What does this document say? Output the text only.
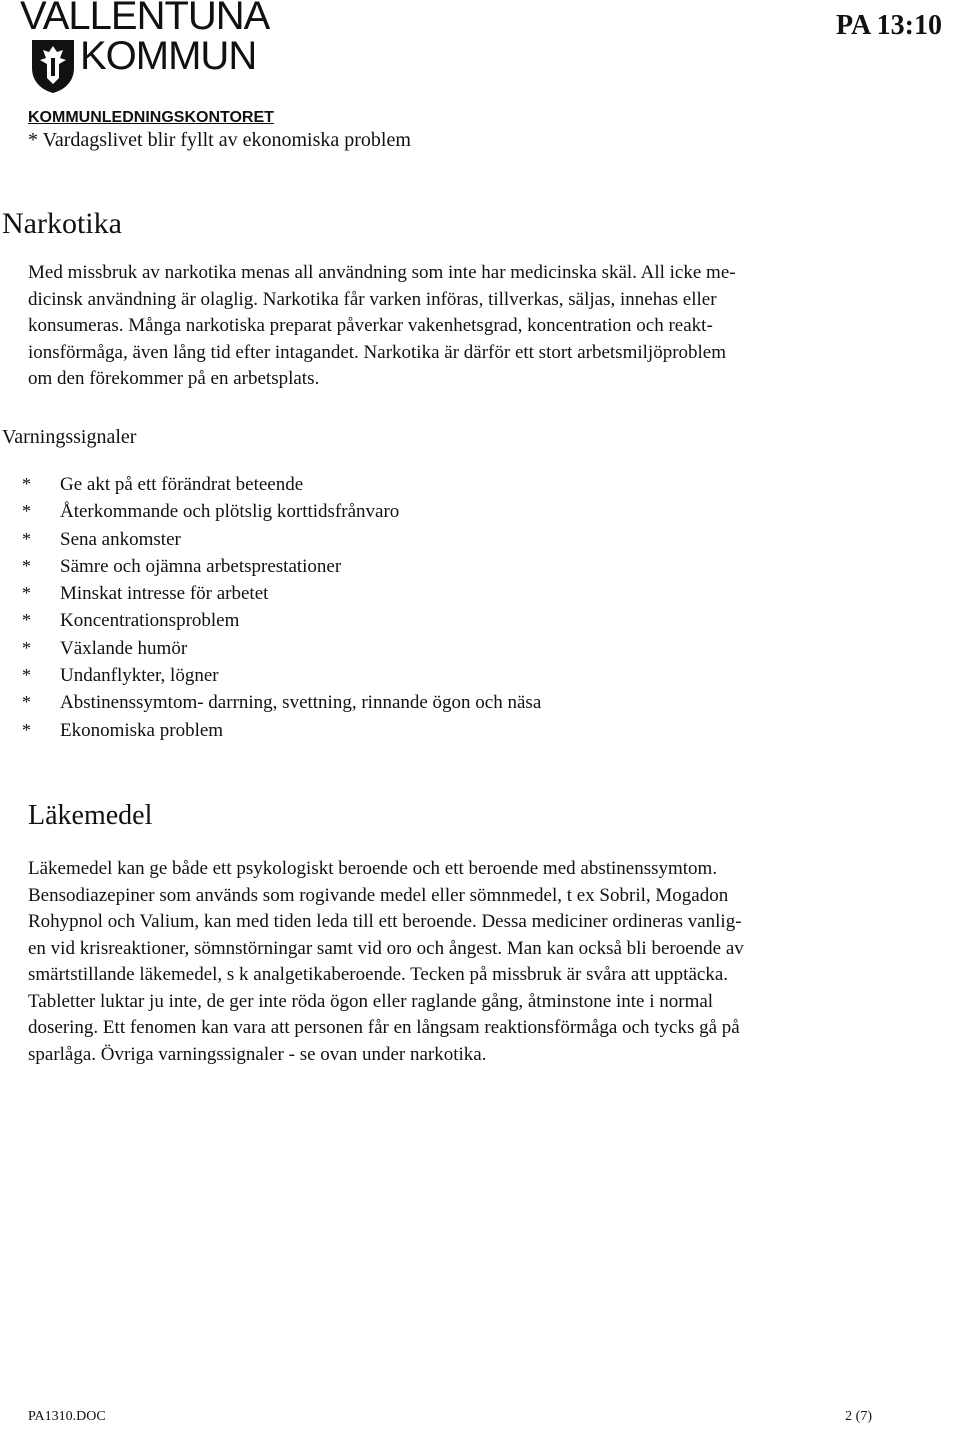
VALLENTUNA
KOMMUN
PA 13:10
KOMMUNLEDNINGSKONTORET
* Vardagslivet blir fyllt av ekonomiska problem
Narkotika

Med missbruk av narkotika menas all användning som inte har medicinska skäl. All icke me-

dicinsk användning är olaglig. Narkotika får varken införas, tillverkas, säljas, innehas eller

konsumeras. Många narkotiska preparat påverkar vakenhetsgrad, koncentration och reakt-

ionsförmåga, även lång tid efter intagandet. Narkotika är därför ett stort arbetsmiljöproblem

om den förekommer på en arbetsplats.

Varningssignaler
* Ge akt på ett förändrat beteende
* Återkommande och plötslig korttidsfrånvaro
* Sena ankomster
* Sämre och ojämna arbetsprestationer
* Minskat intresse för arbetet
* Koncentrationsproblem
* Växlande humör
* Undanflykter, lögner
* Abstinenssymtom- darrning, svettning, rinnande ögon och näsa
* Ekonomiska problem
Läkemedel

Läkemedel kan ge både ett psykologiskt beroende och ett beroende med abstinenssymtom.

Bensodiazepiner som används som rogivande medel eller sömnmedel, t ex Sobril, Mogadon

Rohypnol och Valium, kan med tiden leda till ett beroende. Dessa mediciner ordineras vanlig-

en vid krisreaktioner, sömnstörningar samt vid oro och ångest. Man kan också bli beroende av

smärtstillande läkemedel, s k analgetikaberoende. Tecken på missbruk är svåra att upptäcka.

Tabletter luktar ju inte, de ger inte röda ögon eller raglande gång, åtminstone inte i normal

dosering. Ett fenomen kan vara att personen får en långsam reaktionsförmåga och tycks gå på

sparlåga. Övriga varningssignaler - se ovan under narkotika.

PA1310.DOC	2 (7)
